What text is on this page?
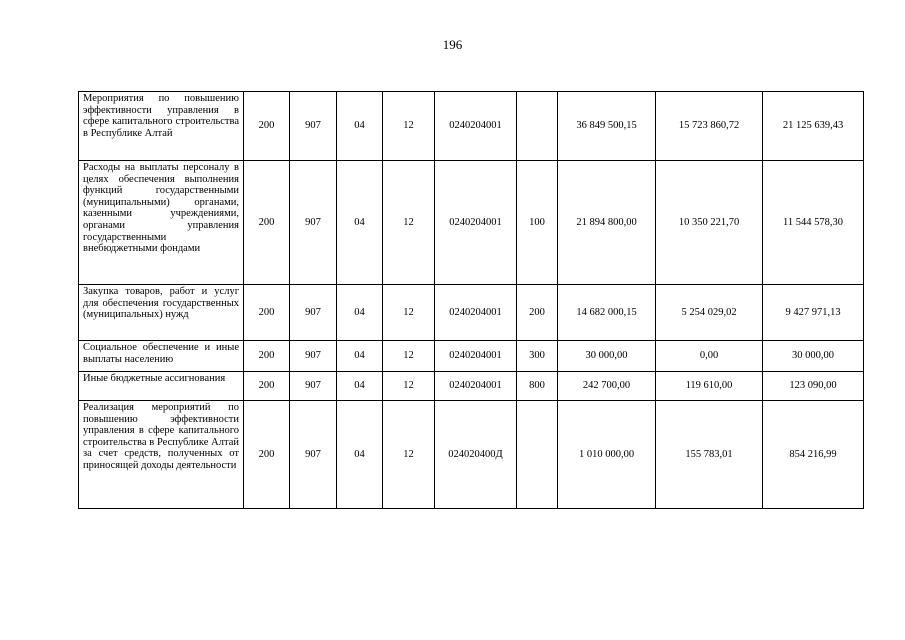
196
Мероприятия по повышению эффективности управления в сфере капитального строительства в Республике Алтай	200	907	04	12	0240204001		36 849 500,15	15 723 860,72	21 125 639,43
Расходы на выплаты персоналу в целях обеспечения выполнения функций государственными (муниципальными) органами, казенными учреждениями, органами управления государственными внебюджетными фондами	200	907	04	12	0240204001	100	21 894 800,00	10 350 221,70	11 544 578,30
Закупка товаров, работ и услуг для обеспечения государственных (муниципальных) нужд	200	907	04	12	0240204001	200	14 682 000,15	5 254 029,02	9 427 971,13
Социальное обеспечение и иные выплаты населению	200	907	04	12	0240204001	300	30 000,00	0,00	30 000,00
Иные бюджетные ассигнования	200	907	04	12	0240204001	800	242 700,00	119 610,00	123 090,00
Реализация мероприятий по повышению эффективности управления в сфере капитального строительства в Республике Алтай за счет средств, полученных от приносящей доходы деятельности	200	907	04	12	024020400Д		1 010 000,00	155 783,01	854 216,99
